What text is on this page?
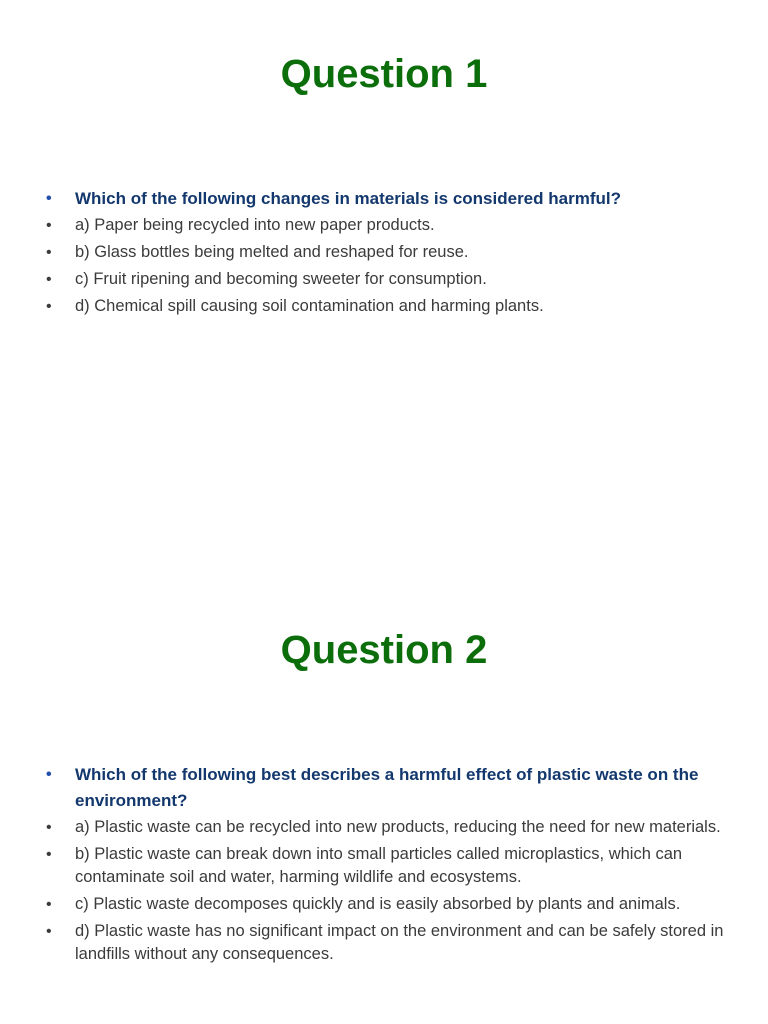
Question 1
•	Which of the following changes in materials is considered harmful?
•	a) Paper being recycled into new paper products.
•	b) Glass bottles being melted and reshaped for reuse.
•	c) Fruit ripening and becoming sweeter for consumption.
•	d) Chemical spill causing soil contamination and harming plants.
Question 2
•	Which of the following best describes a harmful effect of plastic waste on the environment?
•	a) Plastic waste can be recycled into new products, reducing the need for new materials.
•	b) Plastic waste can break down into small particles called microplastics, which can contaminate soil and water, harming wildlife and ecosystems.
•	c) Plastic waste decomposes quickly and is easily absorbed by plants and animals.
•	d) Plastic waste has no significant impact on the environment and can be safely stored in landfills without any consequences.
